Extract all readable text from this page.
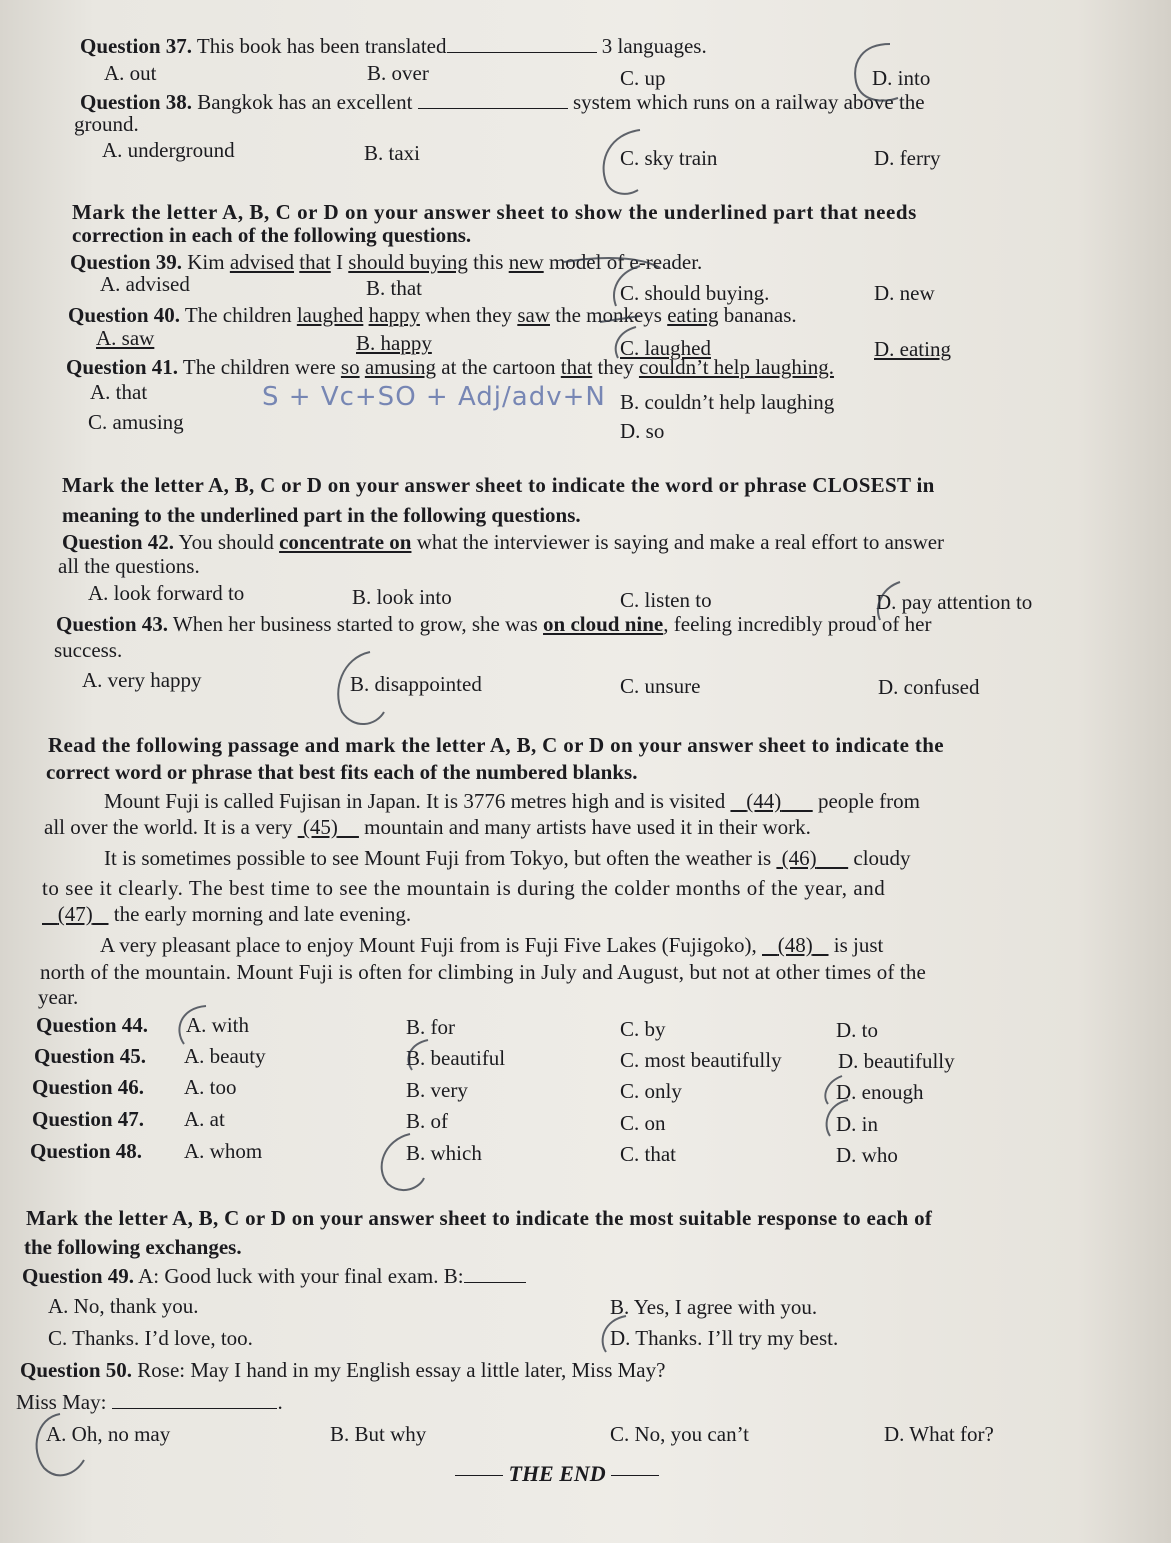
Question 37. This book has been translated	3 languages.
A. out	B. over	C. up	D. into
Question 38. Bangkok has an excellent	system which runs on a railway above the
ground.
A. underground	B. taxi	C. sky train	D. ferry
Mark the letter A, B, C or D on your answer sheet to show the underlined part that needs
correction in each of the following questions.
Question 39. Kim advised that I should buying this new model of e-reader.
A. advised	B. that	C. should buying.	D. new
Question 40. The children laughed happy when they saw the monkeys eating bananas.
A. saw	B. happy	C. laughed	D. eating
Question 41. The children were so amusing at the cartoon that they couldn’t help laughing.
A. that	S + Vc+SO + Adj/adv+N B. couldn’t help laughing
C. amusing	D. so
Mark the letter A, B, C or D on your answer sheet to indicate the word or phrase CLOSEST in
meaning to the underlined part in the following questions.
Question 42. You should concentrate on what the interviewer is saying and make a real effort to answer
all the questions.
A. look forward to	B. look into	C. listen to	D. pay attention to
Question 43. When her business started to grow, she was on cloud nine, feeling incredibly proud of her
success.
A. very happy	B. disappointed	C. unsure	D. confused
Read the following passage and mark the letter A, B, C or D on your answer sheet to indicate the
correct word or phrase that best fits each of the numbered blanks.
Mount Fuji is called Fujisan in Japan. It is 3776 metres high and is visited (44) people from
all over the world. It is a very (45) mountain and many artists have used it in their work.
It is sometimes possible to see Mount Fuji from Tokyo, but often the weather is (46) cloudy
to see it clearly. The best time to see the mountain is during the colder months of the year, and
(47) the early morning and late evening.
A very pleasant place to enjoy Mount Fuji from is Fuji Five Lakes (Fujigoko), (48) is just
north of the mountain. Mount Fuji is often for climbing in July and August, but not at other times of the
year.
Question 44. A. with	B. for	C. by	D. to
Question 45. A. beauty	B. beautiful	C. most beautifully	D. beautifully
Question 46. A. too	B. very	C. only	D. enough
Question 47. A. at	B. of	C. on	D. in
Question 48. A. whom	B. which	C. that	D. who
Mark the letter A, B, C or D on your answer sheet to indicate the most suitable response to each of
the following exchanges.
Question 49. A: Good luck with your final exam. B:
A. No, thank you.	B. Yes, I agree with you.
C. Thanks. I’d love, too.	D. Thanks. I’ll try my best.
Question 50. Rose: May I hand in my English essay a little later, Miss May?
Miss May:	.
A. Oh, no may	B. But why	C. No, you can’t	D. What for?
THE END
